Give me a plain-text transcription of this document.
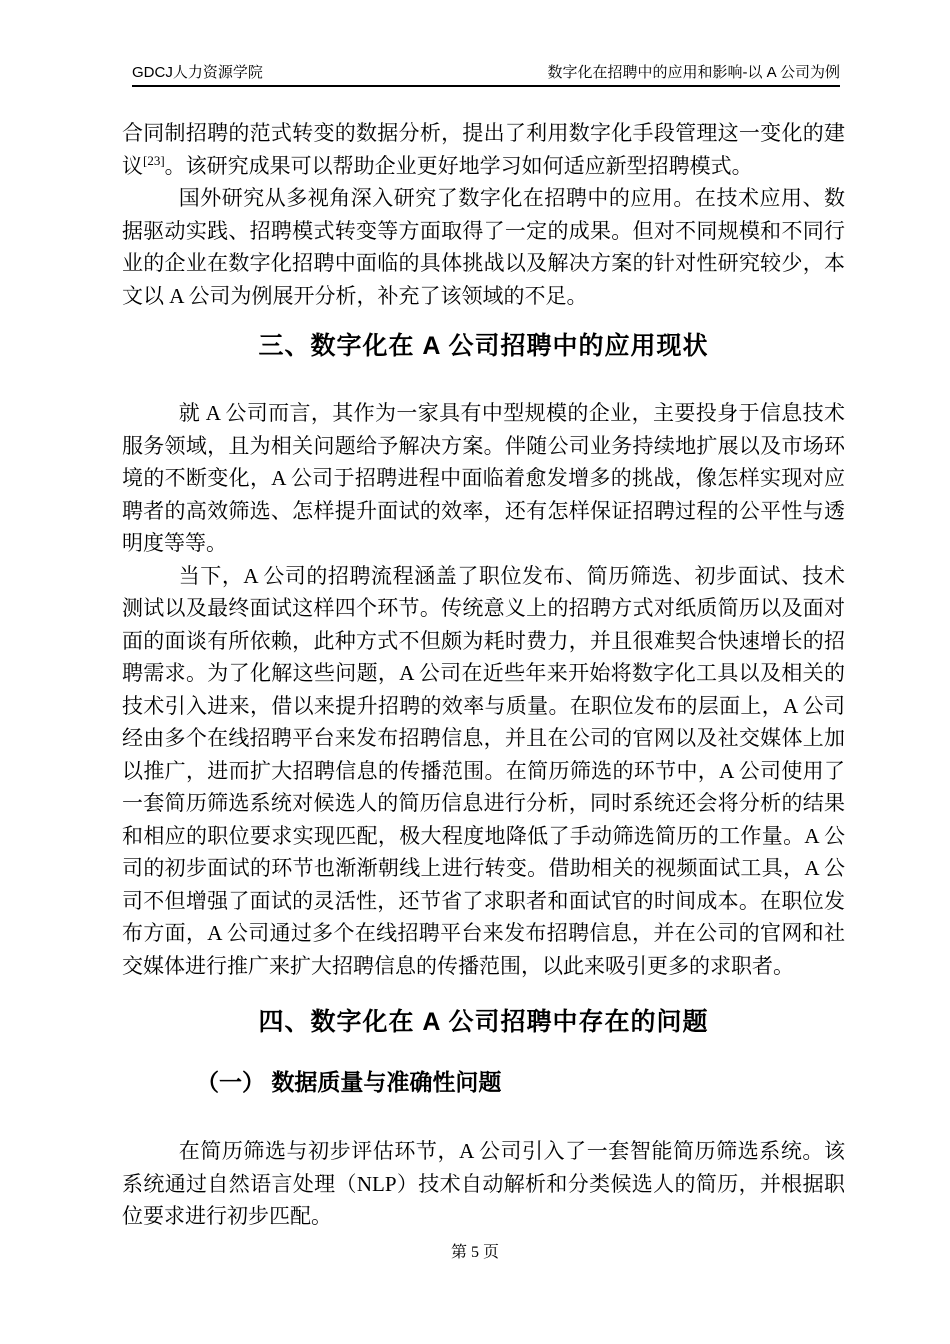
GDCJ人力资源学院	数字化在招聘中的应用和影响-以 A 公司为例

合同制招聘的范式转变的数据分析，提出了利用数字化手段管理这一变化的建议[23]。该研究成果可以帮助企业更好地学习如何适应新型招聘模式。

国外研究从多视角深入研究了数字化在招聘中的应用。在技术应用、数据驱动实践、招聘模式转变等方面取得了一定的成果。但对不同规模和不同行业的企业在数字化招聘中面临的具体挑战以及解决方案的针对性研究较少，本文以 A 公司为例展开分析，补充了该领域的不足。

三、数字化在 A 公司招聘中的应用现状

就 A 公司而言，其作为一家具有中型规模的企业，主要投身于信息技术服务领域，且为相关问题给予解决方案。伴随公司业务持续地扩展以及市场环境的不断变化，A 公司于招聘进程中面临着愈发增多的挑战，像怎样实现对应聘者的高效筛选、怎样提升面试的效率，还有怎样保证招聘过程的公平性与透明度等等。

当下，A 公司的招聘流程涵盖了职位发布、简历筛选、初步面试、技术测试以及最终面试这样四个环节。传统意义上的招聘方式对纸质简历以及面对面的面谈有所依赖，此种方式不但颇为耗时费力，并且很难契合快速增长的招聘需求。为了化解这些问题，A 公司在近些年来开始将数字化工具以及相关的技术引入进来，借以来提升招聘的效率与质量。在职位发布的层面上，A 公司经由多个在线招聘平台来发布招聘信息，并且在公司的官网以及社交媒体上加以推广，进而扩大招聘信息的传播范围。在简历筛选的环节中，A 公司使用了一套简历筛选系统对候选人的简历信息进行分析，同时系统还会将分析的结果和相应的职位要求实现匹配，极大程度地降低了手动筛选简历的工作量。A 公司的初步面试的环节也渐渐朝线上进行转变。借助相关的视频面试工具，A 公司不但增强了面试的灵活性，还节省了求职者和面试官的时间成本。在职位发布方面，A 公司通过多个在线招聘平台来发布招聘信息，并在公司的官网和社交媒体进行推广来扩大招聘信息的传播范围，以此来吸引更多的求职者。

四、数字化在 A 公司招聘中存在的问题
（一） 数据质量与准确性问题

在简历筛选与初步评估环节，A 公司引入了一套智能简历筛选系统。该系统通过自然语言处理（NLP）技术自动解析和分类候选人的简历，并根据职位要求进行初步匹配。

第 5 页
